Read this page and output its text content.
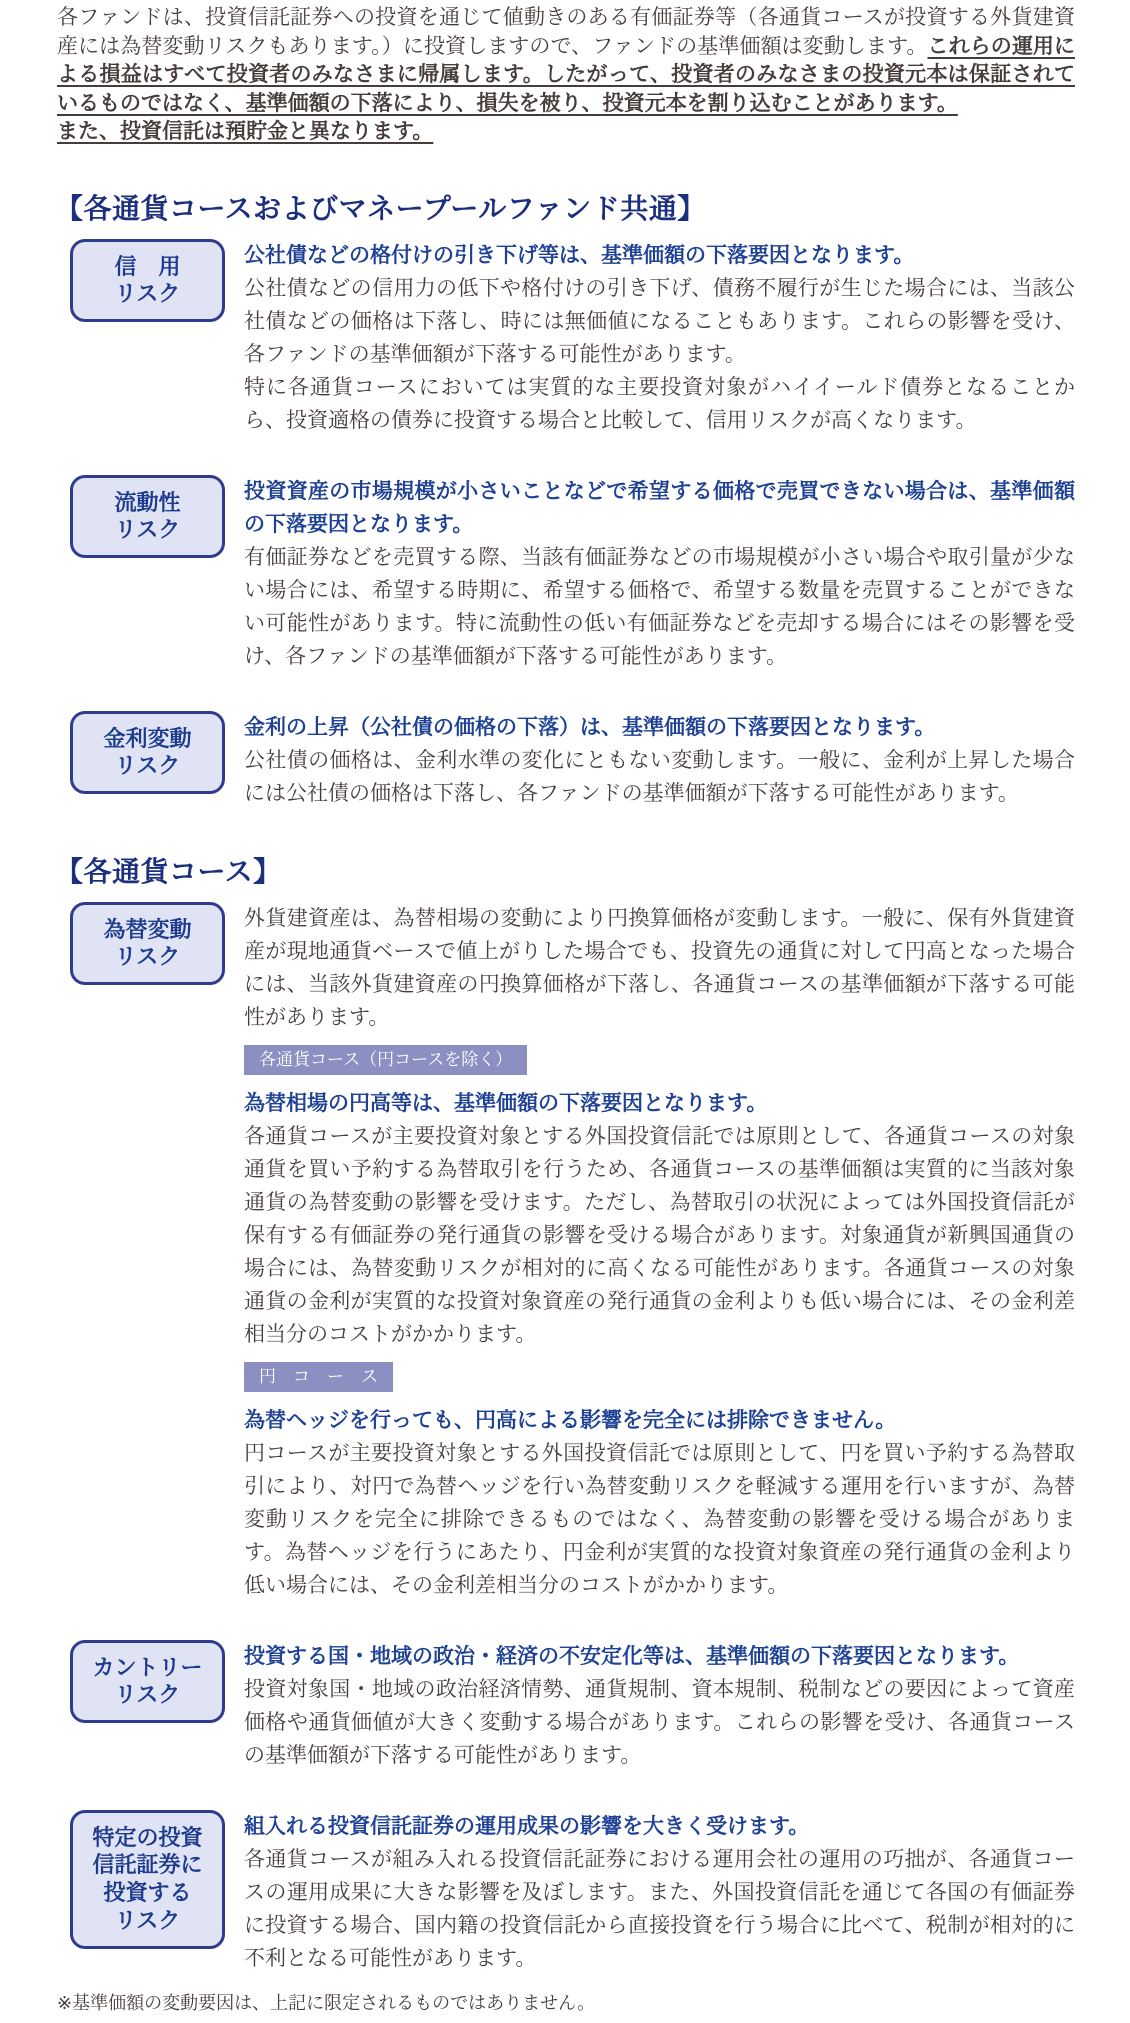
各ファンドは、投資信託証券への投資を通じて値動きのある有価証券等（各通貨コースが投資する外貨建資産には為替変動リスクもあります。）に投資しますので、ファンドの基準価額は変動します。これらの運用による損益はすべて投資者のみなさまに帰属します。したがって、投資者のみなさまの投資元本は保証されているものではなく、基準価額の下落により、損失を被り、投資元本を割り込むことがあります。
また、投資信託は預貯金と異なります。

【各通貨コースおよびマネープールファンド共通】
信　用
リスク

公社債などの格付けの引き下げ等は、基準価額の下落要因となります。

公社債などの信用力の低下や格付けの引き下げ、債務不履行が生じた場合には、当該公社債などの価格は下落し、時には無価値になることもあります。これらの影響を受け、各ファンドの基準価額が下落する可能性があります。

特に各通貨コースにおいては実質的な主要投資対象がハイイールド債券となることから、投資適格の債券に投資する場合と比較して、信用リスクが高くなります。

流動性
リスク

投資資産の市場規模が小さいことなどで希望する価格で売買できない場合は、基準価額の下落要因となります。

有価証券などを売買する際、当該有価証券などの市場規模が小さい場合や取引量が少ない場合には、希望する時期に、希望する価格で、希望する数量を売買することができない可能性があります。特に流動性の低い有価証券などを売却する場合にはその影響を受け、各ファンドの基準価額が下落する可能性があります。

金利変動
リスク

金利の上昇（公社債の価格の下落）は、基準価額の下落要因となります。

公社債の価格は、金利水準の変化にともない変動します。一般に、金利が上昇した場合には公社債の価格は下落し、各ファンドの基準価額が下落する可能性があります。

【各通貨コース】
為替変動
リスク

外貨建資産は、為替相場の変動により円換算価格が変動します。一般に、保有外貨建資産が現地通貨ベースで値上がりした場合でも、投資先の通貨に対して円高となった場合には、当該外貨建資産の円換算価格が下落し、各通貨コースの基準価額が下落する可能性があります。

各通貨コース（円コースを除く）

為替相場の円高等は、基準価額の下落要因となります。

各通貨コースが主要投資対象とする外国投資信託では原則として、各通貨コースの対象通貨を買い予約する為替取引を行うため、各通貨コースの基準価額は実質的に当該対象通貨の為替変動の影響を受けます。ただし、為替取引の状況によっては外国投資信託が保有する有価証券の発行通貨の影響を受ける場合があります。対象通貨が新興国通貨の場合には、為替変動リスクが相対的に高くなる可能性があります。各通貨コースの対象通貨の金利が実質的な投資対象資産の発行通貨の金利よりも低い場合には、その金利差相当分のコストがかかります。

円　コ　ー　ス

為替ヘッジを行っても、円高による影響を完全には排除できません。

円コースが主要投資対象とする外国投資信託では原則として、円を買い予約する為替取引により、対円で為替ヘッジを行い為替変動リスクを軽減する運用を行いますが、為替変動リスクを完全に排除できるものではなく、為替変動の影響を受ける場合があります。為替ヘッジを行うにあたり、円金利が実質的な投資対象資産の発行通貨の金利より低い場合には、その金利差相当分のコストがかかります。

カントリー
リスク

投資する国・地域の政治・経済の不安定化等は、基準価額の下落要因となります。

投資対象国・地域の政治経済情勢、通貨規制、資本規制、税制などの要因によって資産価格や通貨価値が大きく変動する場合があります。これらの影響を受け、各通貨コースの基準価額が下落する可能性があります。

特定の投資
信託証券に
投資する
リスク

組入れる投資信託証券の運用成果の影響を大きく受けます。

各通貨コースが組み入れる投資信託証券における運用会社の運用の巧拙が、各通貨コースの運用成果に大きな影響を及ぼします。また、外国投資信託を通じて各国の有価証券に投資する場合、国内籍の投資信託から直接投資を行う場合に比べて、税制が相対的に不利となる可能性があります。

※基準価額の変動要因は、上記に限定されるものではありません。
